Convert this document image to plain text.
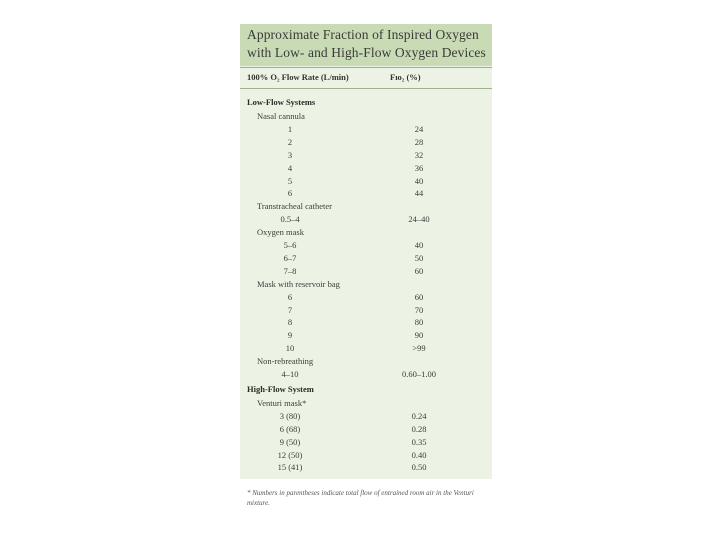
Approximate Fraction of Inspired Oxygen
with Low- and High-Flow Oxygen Devices
100% O₂ Flow Rate (L/min)	Fıo₂ (%)
Low-Flow Systems
Nasal cannula
1	24
2	28
3	32
4	36
5	40
6	44
Transtracheal catheter
0.5–4	24–40
Oxygen mask
5–6	40
6–7	50
7–8	60
Mask with reservoir bag
6	60
7	70
8	80
9	90
10	>99
Non-rebreathing
4–10	0.60–1.00
High-Flow System
Venturi mask*
3 (80)	0.24
6 (68)	0.28
9 (50)	0.35
12 (50)	0.40
15 (41)	0.50
* Numbers in parentheses indicate total flow of entrained room air in the Venturi mixture.
